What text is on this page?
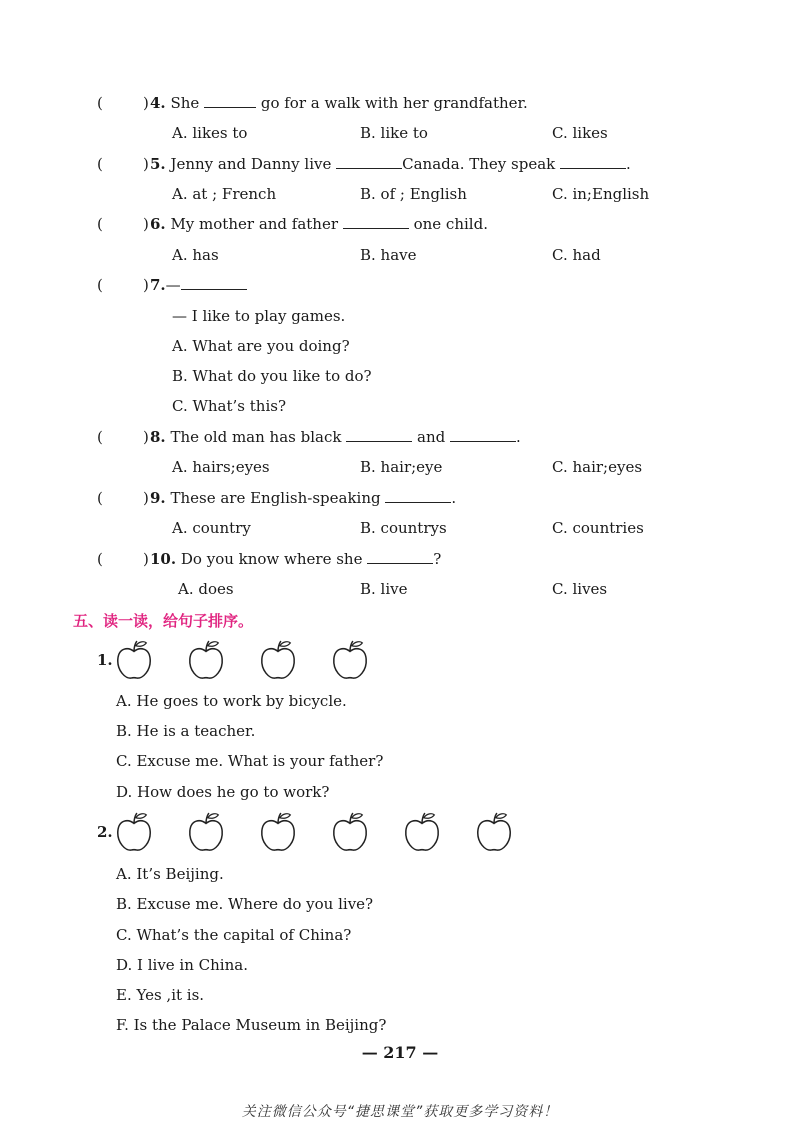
(	) 4. She	go for a walk with her grandfather.
A. likes to	B. like to	C. likes
(	) 5. Jenny and Danny live	Canada. They speak	.
A. at ; French	B. of ; English	C. in;English
(	) 6. My mother and father	one child.
A. has	B. have	C. had
(	) 7.—
— I like to play games.
A. What are you doing?
B. What do you like to do?
C. What’s this?
(	) 8. The old man has black	and	.
A. hairs;eyes	B. hair;eye	C. hair;eyes
(	) 9. These are English-speaking	.
A. country	B. countrys	C. countries
(	) 10. Do you know where she	?
A. does	B. live	C. lives
五、读一读，给句子排序。
1.
A. He goes to work by bicycle.
B. He is a teacher.
C. Excuse me. What is your father?
D. How does he go to work?
2.
A. It’s Beijing.
B. Excuse me. Where do you live?
C. What’s the capital of China?
D. I live in China.
E. Yes ,it is.
F. Is the Palace Museum in Beijing?
— 217 —
关注微信公众号“捷思课堂”获取更多学习资料！
